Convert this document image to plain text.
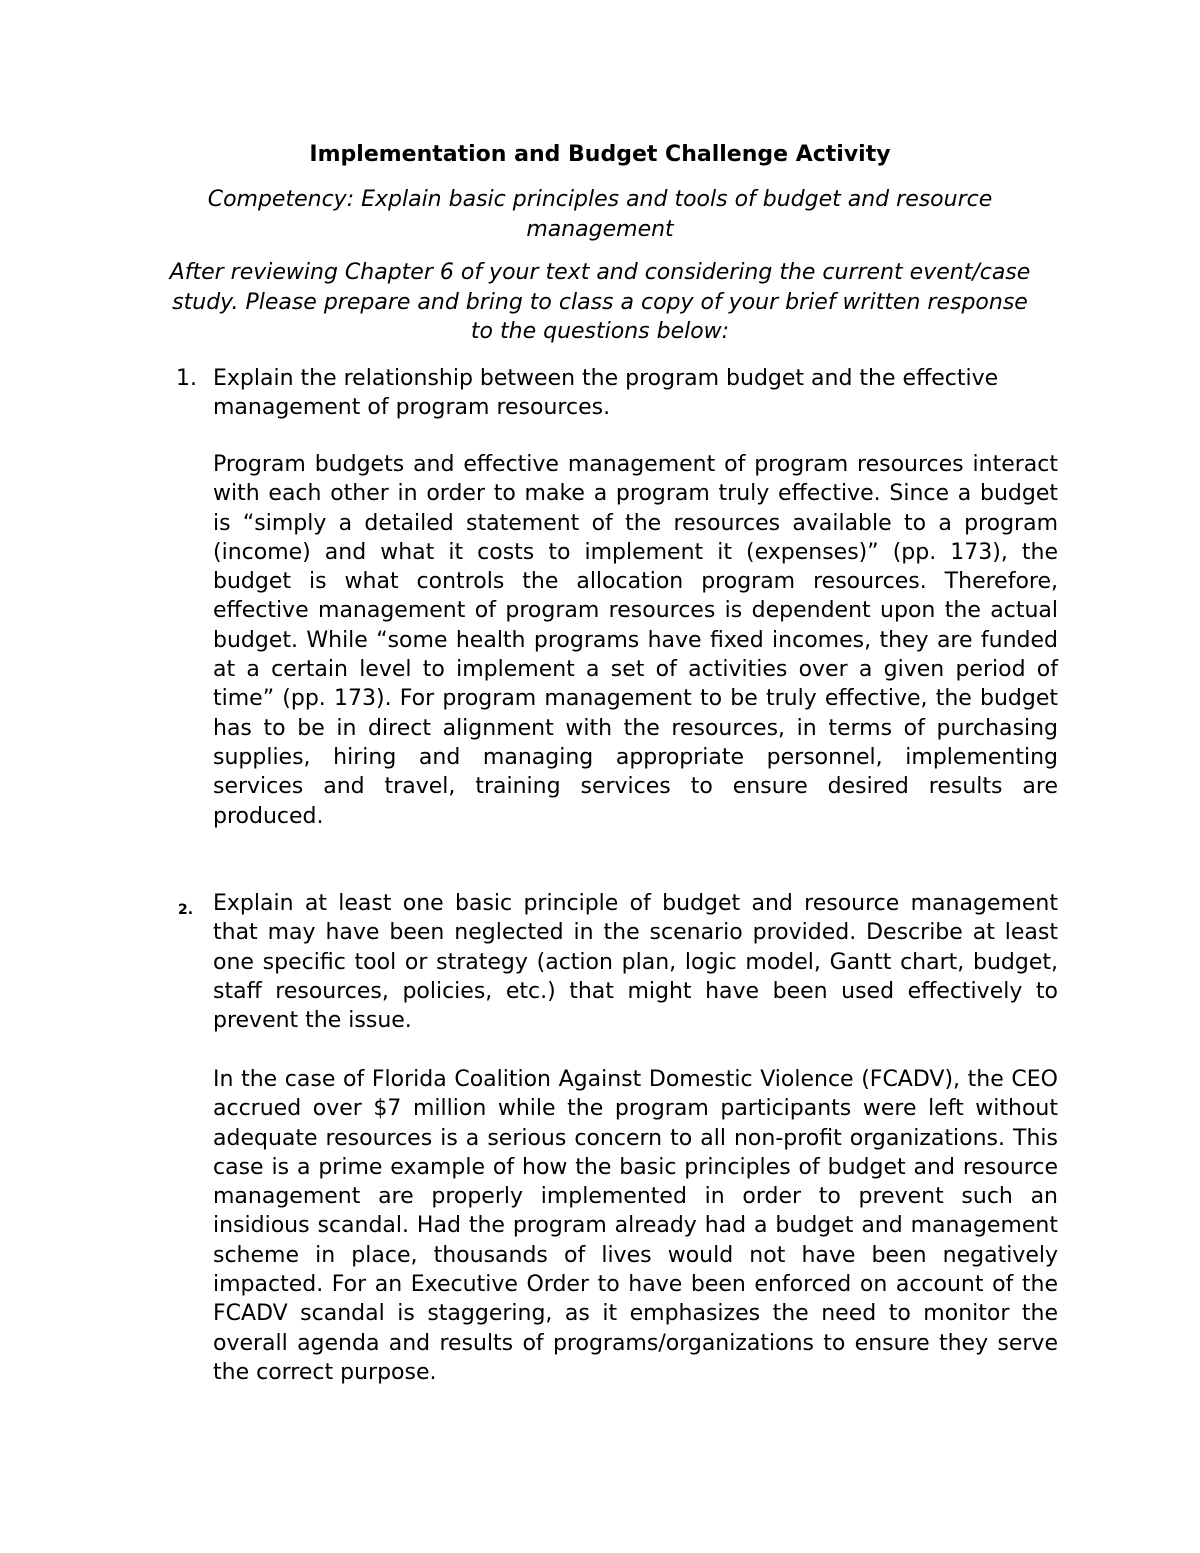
Implementation and Budget Challenge Activity

Competency: Explain basic principles and tools of budget and resource management

After reviewing Chapter 6 of your text and considering the current event/case study. Please prepare and bring to class a copy of your brief written response to the questions below:

1. Explain the relationship between the program budget and the effective management of program resources.

Program budgets and effective management of program resources interact with each other in order to make a program truly effective. Since a budget is “simply a detailed statement of the resources available to a program (income) and what it costs to implement it (expenses)” (pp. 173), the budget is what controls the allocation program resources. Therefore, effective management of program resources is dependent upon the actual budget. While “some health programs have fixed incomes, they are funded at a certain level to implement a set of activities over a given period of time” (pp. 173). For program management to be truly effective, the budget has to be in direct alignment with the resources, in terms of purchasing supplies, hiring and managing appropriate personnel, implementing services and travel, training services to ensure desired results are produced.

2. Explain at least one basic principle of budget and resource management that may have been neglected in the scenario provided. Describe at least one specific tool or strategy (action plan, logic model, Gantt chart, budget, staff resources, policies, etc.) that might have been used effectively to prevent the issue.

In the case of Florida Coalition Against Domestic Violence (FCADV), the CEO accrued over $7 million while the program participants were left without adequate resources is a serious concern to all non-profit organizations. This case is a prime example of how the basic principles of budget and resource management are properly implemented in order to prevent such an insidious scandal. Had the program already had a budget and management scheme in place, thousands of lives would not have been negatively impacted. For an Executive Order to have been enforced on account of the FCADV scandal is staggering, as it emphasizes the need to monitor the overall agenda and results of programs/organizations to ensure they serve the correct purpose.
